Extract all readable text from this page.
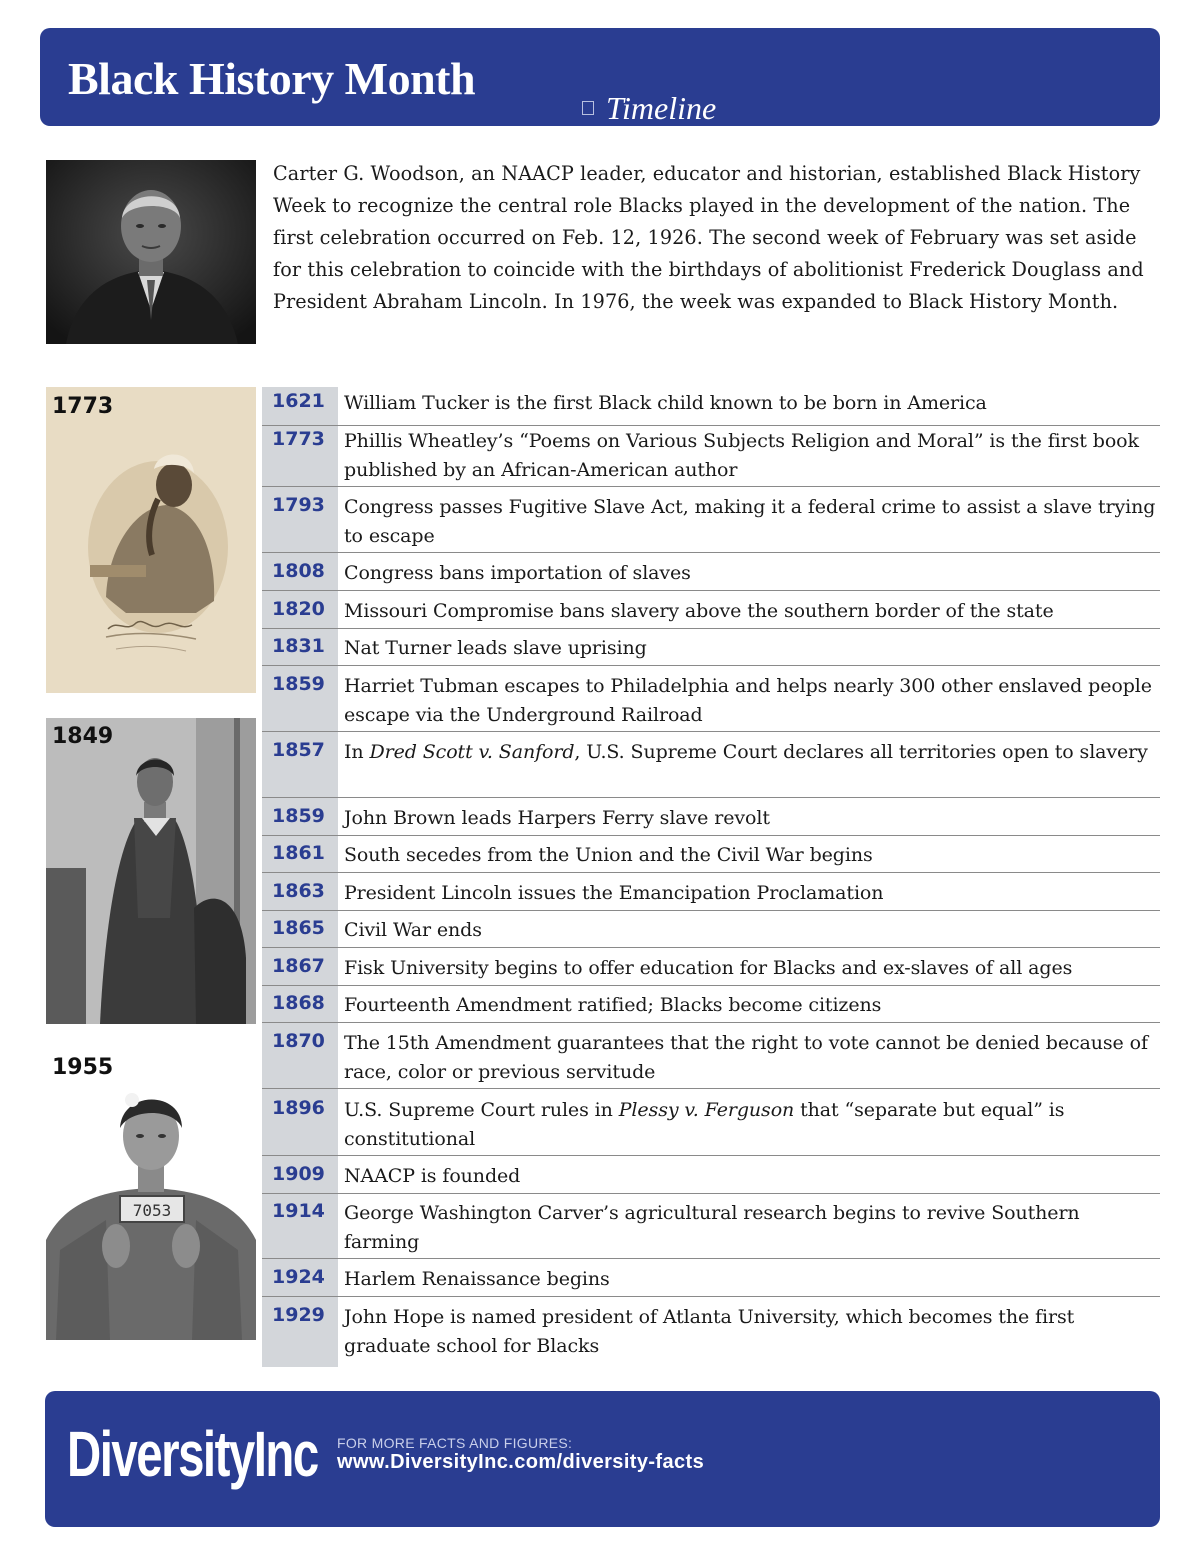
Black History Month
Timeline
Carter G. Woodson, an NAACP leader, educator and historian, established Black History Week to recognize the central role Blacks played in the development of the nation. The first celebration occurred on Feb. 12, 1926. The second week of February was set aside for this celebration to coincide with the birthdays of abolitionist Frederick Douglass and President Abraham Lincoln. In 1976, the week was expanded to Black History Month.
1773
1849
7053
1955
1621 William Tucker is the first Black child known to be born in America
1773 Phillis Wheatley’s “Poems on Various Subjects Religion and Moral” is the first book published by an African-American author
1793 Congress passes Fugitive Slave Act, making it a federal crime to assist a slave trying to escape
1808 Congress bans importation of slaves
1820 Missouri Compromise bans slavery above the southern border of the state
1831 Nat Turner leads slave uprising
1859 Harriet Tubman escapes to Philadelphia and helps nearly 300 other enslaved people escape via the Underground Railroad
1857 In Dred Scott v. Sanford, U.S. Supreme Court declares all territories open to slavery
1859 John Brown leads Harpers Ferry slave revolt
1861 South secedes from the Union and the Civil War begins
1863 President Lincoln issues the Emancipation Proclamation
1865 Civil War ends
1867 Fisk University begins to offer education for Blacks and ex-slaves of all ages
1868 Fourteenth Amendment ratified; Blacks become citizens
1870 The 15th Amendment guarantees that the right to vote cannot be denied because of race, color or previous servitude
1896 U.S. Supreme Court rules in Plessy v. Ferguson that “separate but equal” is constitutional
1909 NAACP is founded
1914 George Washington Carver’s agricultural research begins to revive Southern farming
1924 Harlem Renaissance begins
1929 John Hope is named president of Atlanta University, which becomes the first graduate school for Blacks
DiversityInc FOR MORE FACTS AND FIGURES:
www.DiversityInc.com/diversity-facts
